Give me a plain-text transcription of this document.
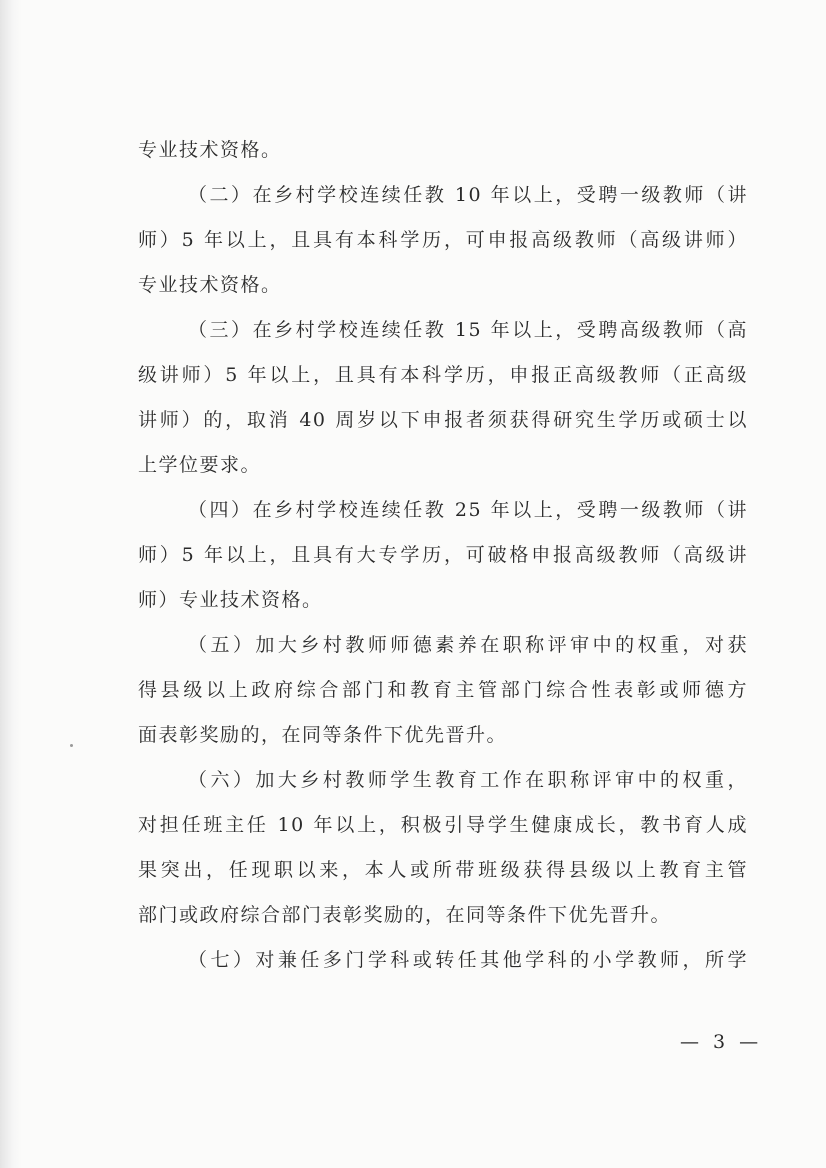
专业技术资格。
（二）在乡村学校连续任教 10 年以上，受聘一级教师（讲
师）5 年以上，且具有本科学历，可申报高级教师（高级讲师）
专业技术资格。
（三）在乡村学校连续任教 15 年以上，受聘高级教师（高
级讲师）5 年以上，且具有本科学历，申报正高级教师（正高级
讲师）的，取消 40 周岁以下申报者须获得研究生学历或硕士以
上学位要求。
（四）在乡村学校连续任教 25 年以上，受聘一级教师（讲
师）5 年以上，且具有大专学历，可破格申报高级教师（高级讲
师）专业技术资格。
（五）加大乡村教师师德素养在职称评审中的权重，对获
得县级以上政府综合部门和教育主管部门综合性表彰或师德方
面表彰奖励的，在同等条件下优先晋升。
（六）加大乡村教师学生教育工作在职称评审中的权重，
对担任班主任 10 年以上，积极引导学生健康成长，教书育人成
果突出，任现职以来，本人或所带班级获得县级以上教育主管
部门或政府综合部门表彰奖励的，在同等条件下优先晋升。
（七）对兼任多门学科或转任其他学科的小学教师，所学
— 3 —
